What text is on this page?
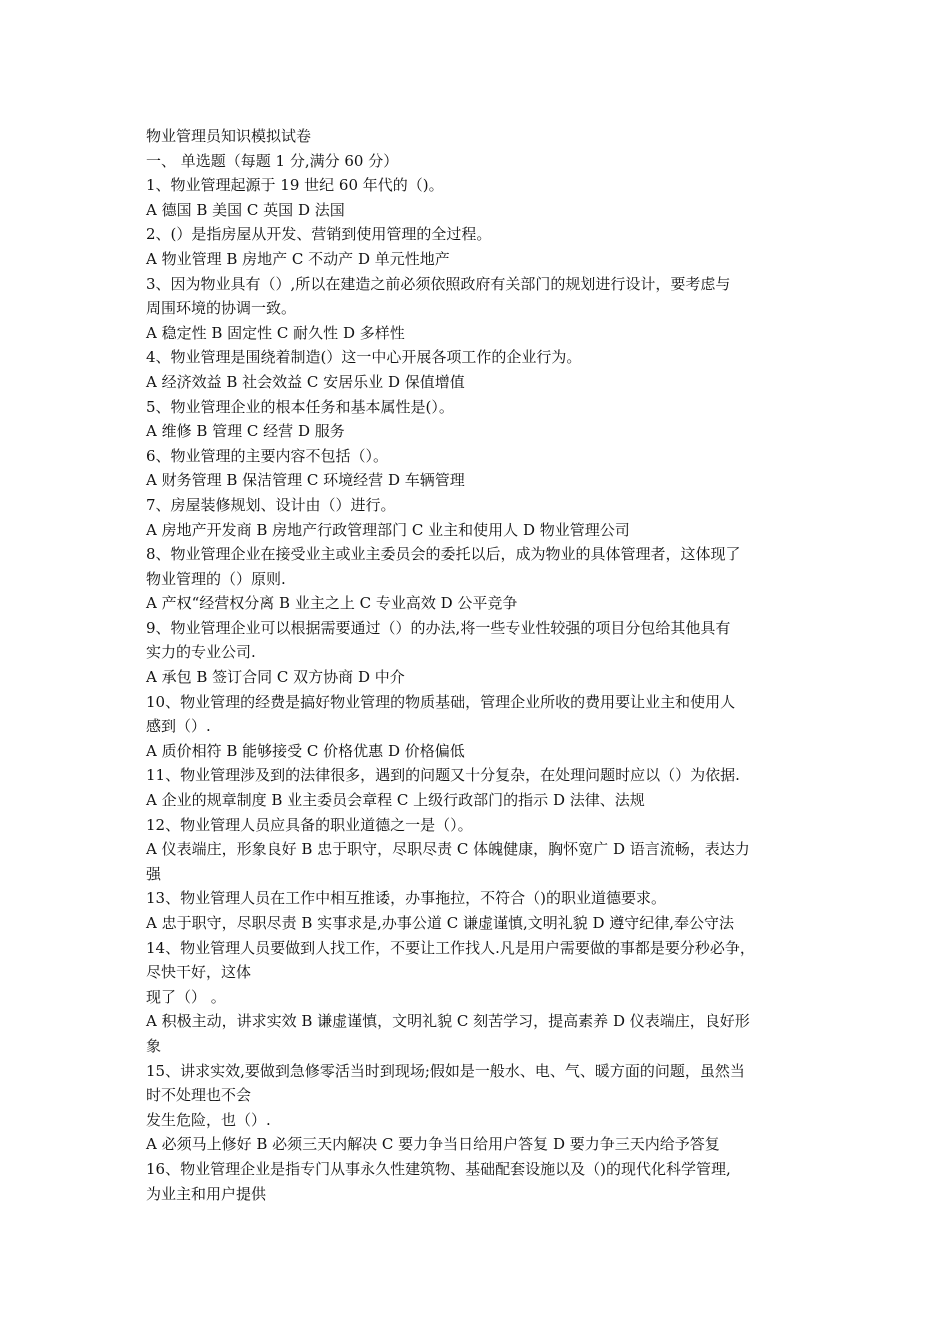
物业管理员知识模拟试卷

一、 单选题（每题 1 分,满分 60 分）

1、物业管理起源于 19 世纪 60 年代的（)。

A 德国 B 美国 C 英国 D 法国

2、(）是指房屋从开发、营销到使用管理的全过程。

A 物业管理 B 房地产 C 不动产 D 单元性地产

3、因为物业具有（）,所以在建造之前必须依照政府有关部门的规划进行设计，要考虑与

周围环境的协调一致。

A 稳定性 B 固定性 C 耐久性 D 多样性

4、物业管理是围绕着制造(）这一中心开展各项工作的企业行为。

A 经济效益 B 社会效益 C 安居乐业 D 保值增值

5、物业管理企业的根本任务和基本属性是(）。

A 维修 B 管理 C 经营 D 服务

6、物业管理的主要内容不包括（）。

A 财务管理 B 保洁管理 C 环境经营 D 车辆管理

7、房屋装修规划、设计由（）进行。

A 房地产开发商 B 房地产行政管理部门 C 业主和使用人 D 物业管理公司

8、物业管理企业在接受业主或业主委员会的委托以后，成为物业的具体管理者，这体现了

物业管理的（）原则.

A 产权“经营权分离 B 业主之上 C 专业高效 D 公平竞争

9、物业管理企业可以根据需要通过（）的办法,将一些专业性较强的项目分包给其他具有

实力的专业公司.

A 承包 B 签订合同 C 双方协商 D 中介

10、物业管理的经费是搞好物业管理的物质基础，管理企业所收的费用要让业主和使用人

感到（）.

A 质价相符 B 能够接受 C 价格优惠 D 价格偏低

11、物业管理涉及到的法律很多，遇到的问题又十分复杂，在处理问题时应以（）为依据.

A 企业的规章制度 B 业主委员会章程 C 上级行政部门的指示 D 法律、法规

12、物业管理人员应具备的职业道德之一是（）。

A 仪表端庄，形象良好 B 忠于职守，尽职尽责 C 体魄健康，胸怀宽广 D 语言流畅，表达力

强

13、物业管理人员在工作中相互推诿，办事拖拉，不符合（)的职业道德要求。

A 忠于职守，尽职尽责 B 实事求是,办事公道 C 谦虚谨慎,文明礼貌 D 遵守纪律,奉公守法

14、物业管理人员要做到人找工作，不要让工作找人.凡是用户需要做的事都是要分秒必争，

尽快干好，这体

现了（） 。

A 积极主动，讲求实效 B 谦虚谨慎，文明礼貌 C 刻苦学习，提高素养 D 仪表端庄，良好形

象

15、讲求实效,要做到急修零活当时到现场;假如是一般水、电、气、暖方面的问题，虽然当

时不处理也不会

发生危险，也（）.

A 必须马上修好 B 必须三天内解决 C 要力争当日给用户答复 D 要力争三天内给予答复

16、物业管理企业是指专门从事永久性建筑物、基础配套设施以及（)的现代化科学管理,

为业主和用户提供
